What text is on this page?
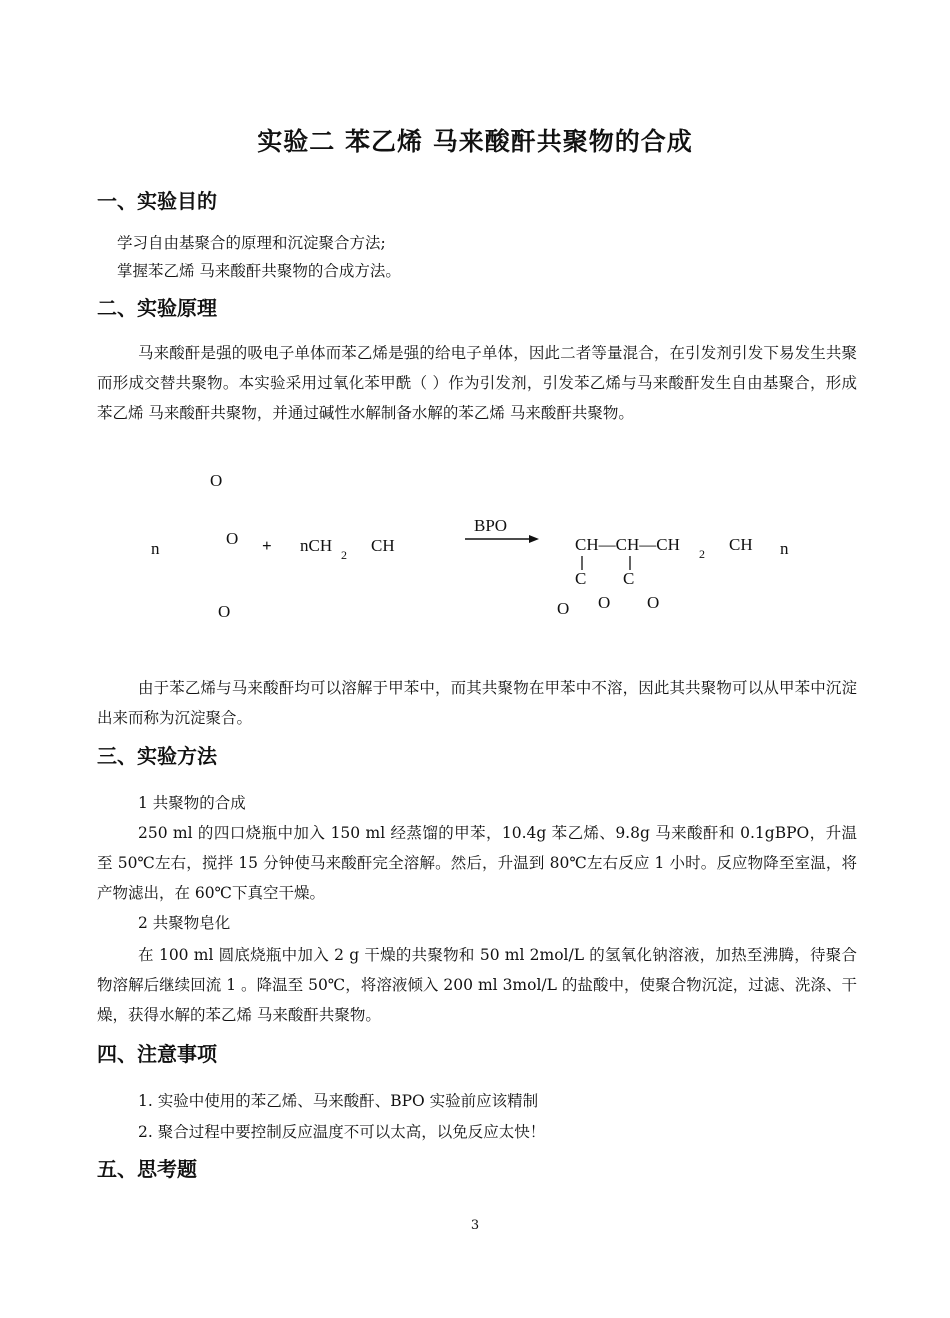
实验二 苯乙烯 马来酸酐共聚物的合成
一、实验目的
学习自由基聚合的原理和沉淀聚合方法;
掌握苯乙烯 马来酸酐共聚物的合成方法。
二、实验原理
马来酸酐是强的吸电子单体而苯乙烯是强的给电子单体，因此二者等量混合，在引发剂引发下易发生共聚而形成交替共聚物。本实验采用过氧化苯甲酰（ ）作为引发剂，引发苯乙烯与马来酸酐发生自由基聚合，形成苯乙烯 马来酸酐共聚物，并通过碱性水解制备水解的苯乙烯 马来酸酐共聚物。
O
n
O + nCH 2 CH
O
BPO
CH—CH—CH 2 CH n
C C
O O O
由于苯乙烯与马来酸酐均可以溶解于甲苯中，而其共聚物在甲苯中不溶，因此其共聚物可以从甲苯中沉淀出来而称为沉淀聚合。
三、实验方法
1 共聚物的合成
250 ml 的四口烧瓶中加入 150 ml 经蒸馏的甲苯，10.4g 苯乙烯、9.8g 马来酸酐和 0.1gBPO，升温至 50℃左右，搅拌 15 分钟使马来酸酐完全溶解。然后，升温到 80℃左右反应 1 小时。反应物降至室温，将产物滤出，在 60℃下真空干燥。
2 共聚物皂化
在 100 ml 圆底烧瓶中加入 2 g 干燥的共聚物和 50 ml 2mol/L 的氢氧化钠溶液，加热至沸腾，待聚合物溶解后继续回流 1 。降温至 50℃，将溶液倾入 200 ml 3mol/L 的盐酸中，使聚合物沉淀，过滤、洗涤、干燥，获得水解的苯乙烯 马来酸酐共聚物。
四、注意事项
1. 实验中使用的苯乙烯、马来酸酐、BPO 实验前应该精制
2. 聚合过程中要控制反应温度不可以太高，以免反应太快！
五、思考题
3
